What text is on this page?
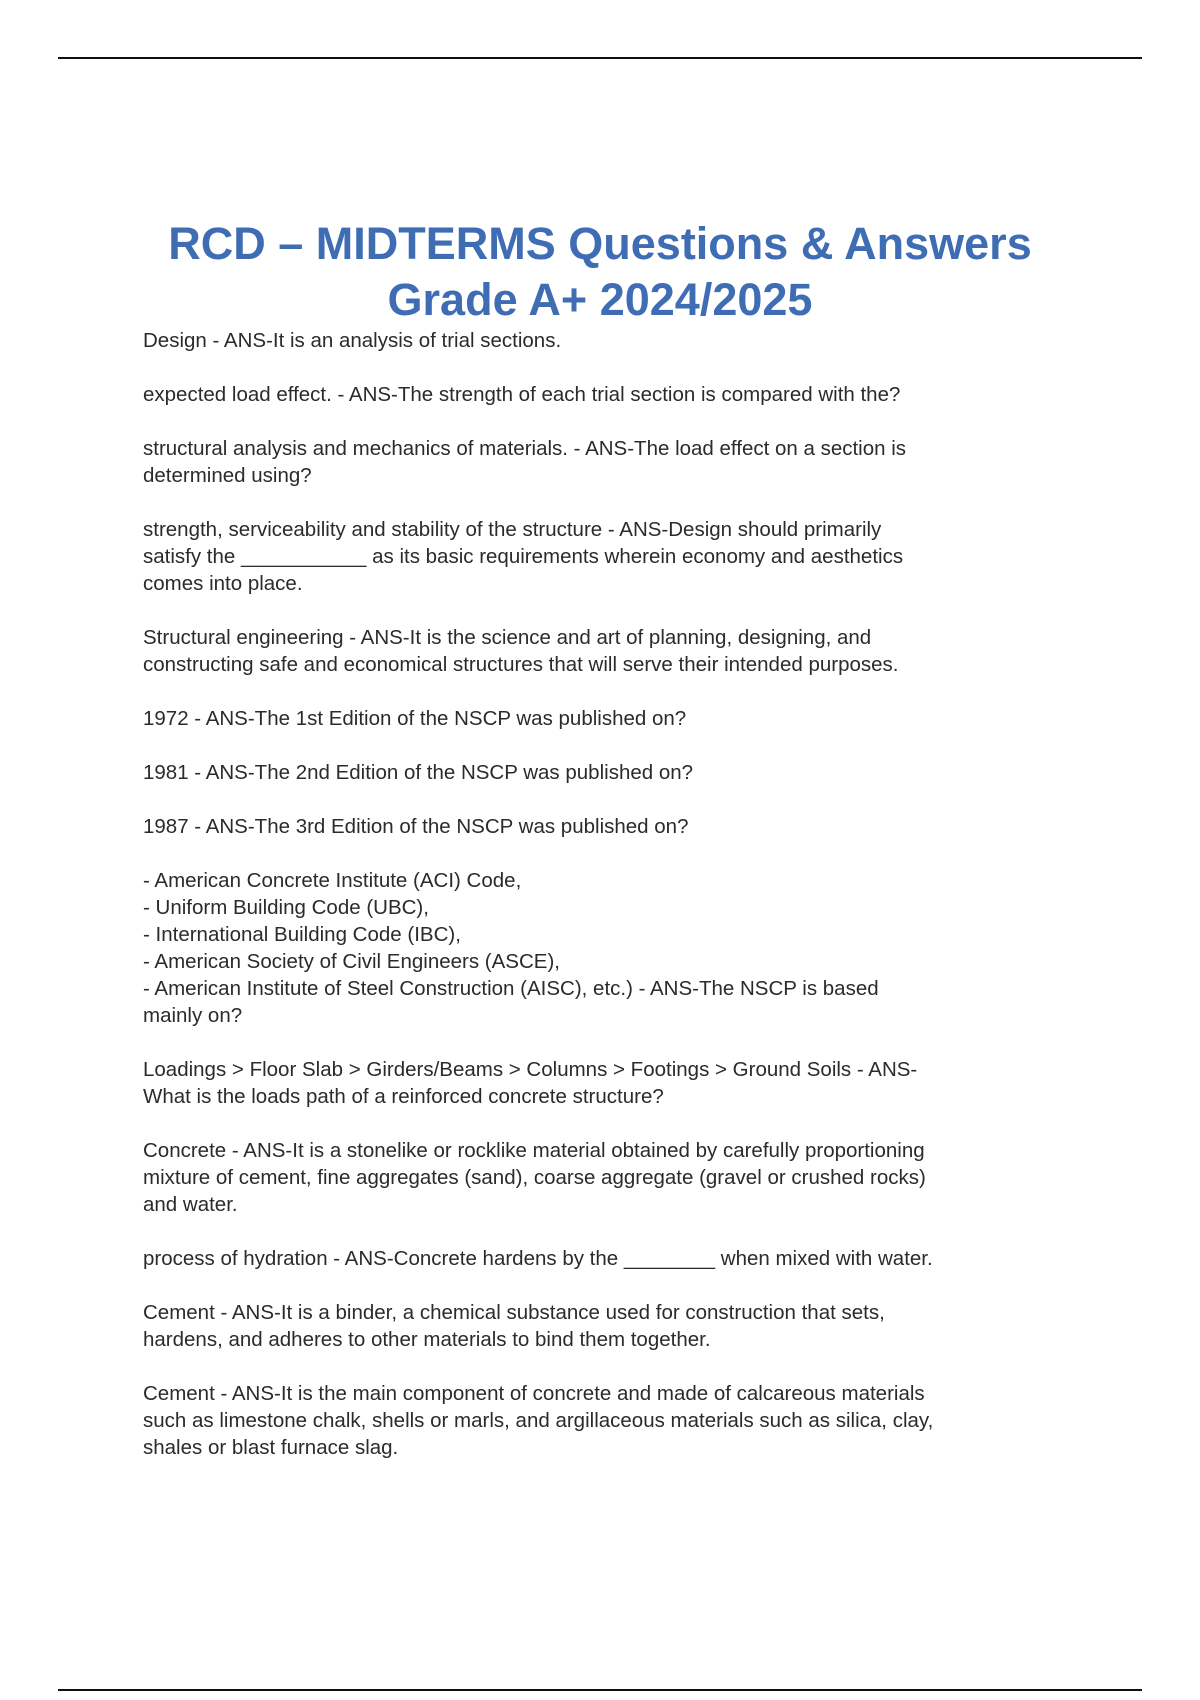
RCD – MIDTERMS Questions & Answers
Grade A+ 2024/2025
Design - ANS-It is an analysis of trial sections.
expected load effect. - ANS-The strength of each trial section is compared with the?
structural analysis and mechanics of materials. - ANS-The load effect on a section is
determined using?
strength, serviceability and stability of the structure - ANS-Design should primarily
satisfy the ___________ as its basic requirements wherein economy and aesthetics
comes into place.
Structural engineering - ANS-It is the science and art of planning, designing, and
constructing safe and economical structures that will serve their intended purposes.
1972 - ANS-The 1st Edition of the NSCP was published on?
1981 - ANS-The 2nd Edition of the NSCP was published on?
1987 - ANS-The 3rd Edition of the NSCP was published on?
- American Concrete Institute (ACI) Code,
- Uniform Building Code (UBC),
- International Building Code (IBC),
- American Society of Civil Engineers (ASCE),
- American Institute of Steel Construction (AISC), etc.) - ANS-The NSCP is based
mainly on?
Loadings > Floor Slab > Girders/Beams > Columns > Footings > Ground Soils - ANS-
What is the loads path of a reinforced concrete structure?
Concrete - ANS-It is a stonelike or rocklike material obtained by carefully proportioning
mixture of cement, fine aggregates (sand), coarse aggregate (gravel or crushed rocks)
and water.
process of hydration - ANS-Concrete hardens by the ________ when mixed with water.
Cement - ANS-It is a binder, a chemical substance used for construction that sets,
hardens, and adheres to other materials to bind them together.
Cement - ANS-It is the main component of concrete and made of calcareous materials
such as limestone chalk, shells or marls, and argillaceous materials such as silica, clay,
shales or blast furnace slag.
